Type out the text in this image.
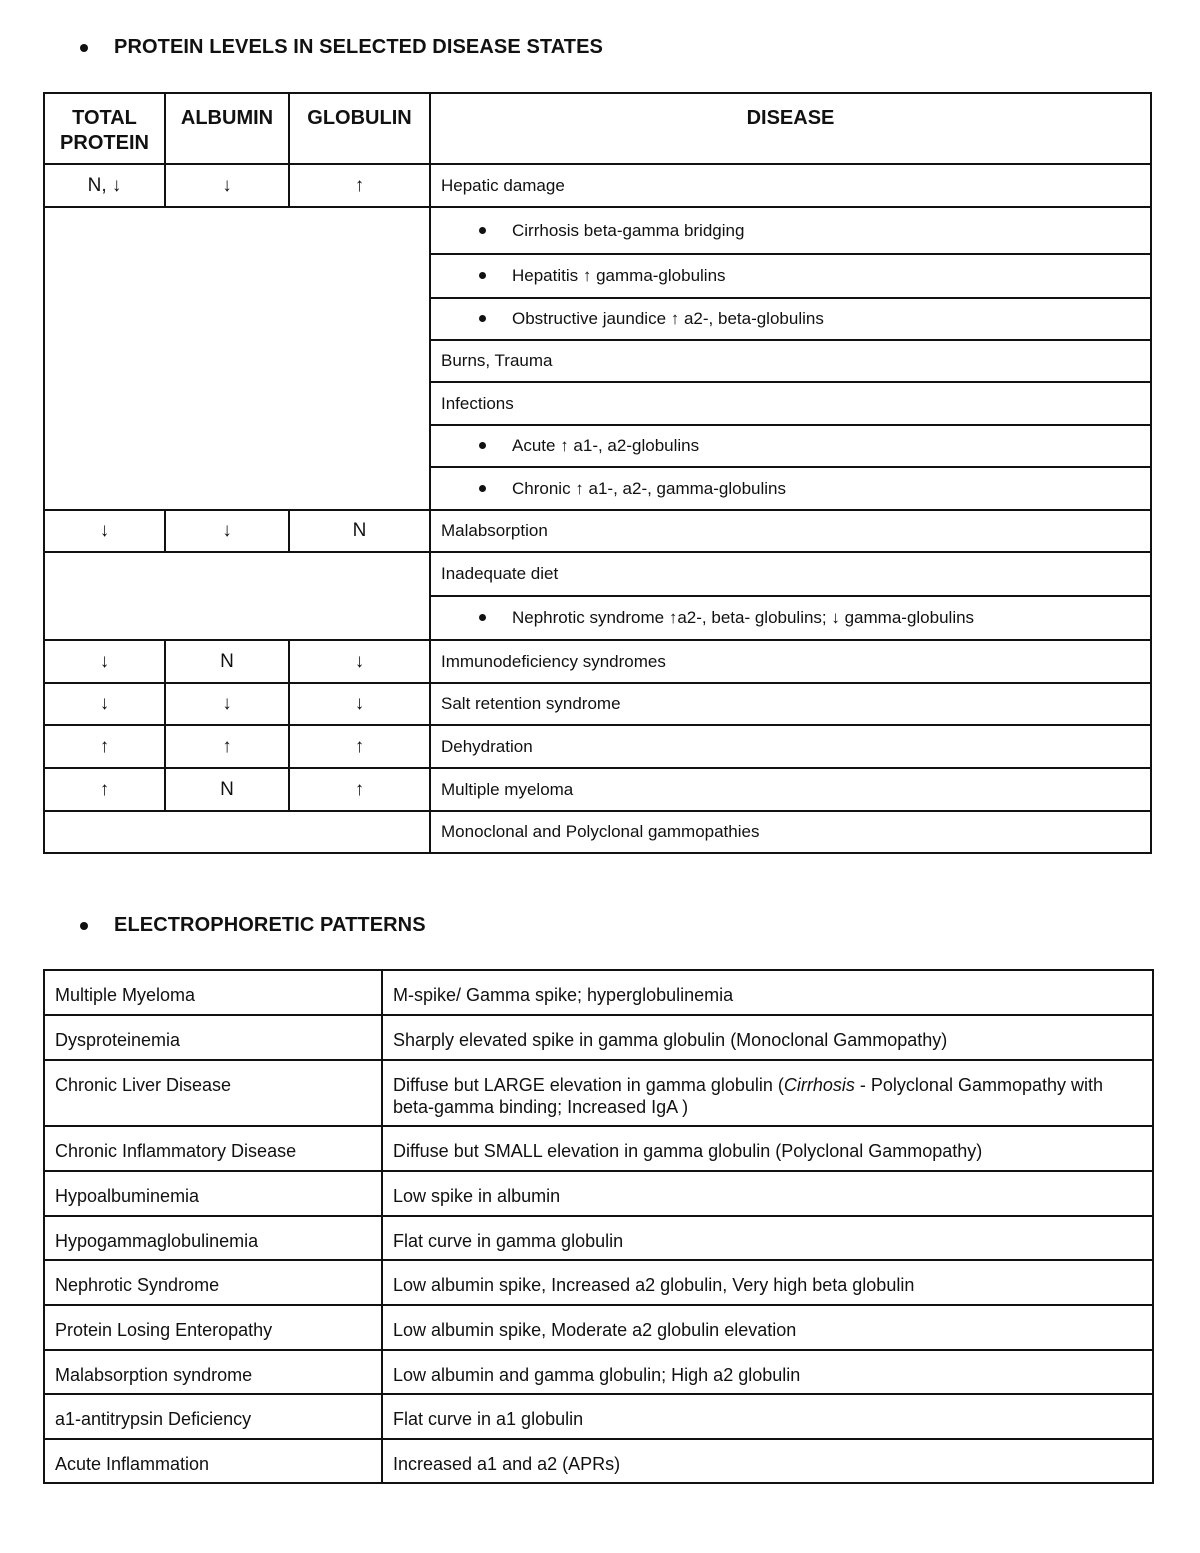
PROTEIN LEVELS IN SELECTED DISEASE STATES
TOTAL PROTEIN	ALBUMIN	GLOBULIN	DISEASE
N, ↓	↓	↑	Hepatic damage
			Cirrhosis beta-gamma bridging
			Hepatitis ↑ gamma-globulins
			Obstructive jaundice ↑ a2-, beta-globulins
			Burns, Trauma
			Infections
			Acute ↑ a1-, a2-globulins
			Chronic ↑ a1-, a2-, gamma-globulins
↓	↓	N	Malabsorption
			Inadequate diet
			Nephrotic syndrome ↑a2-, beta- globulins; ↓ gamma-globulins
↓	N	↓	Immunodeficiency syndromes
↓	↓	↓	Salt retention syndrome
↑	↑	↑	Dehydration
↑	N	↑	Multiple myeloma
			Monoclonal and Polyclonal gammopathies
ELECTROPHORETIC PATTERNS
Multiple Myeloma	M-spike/ Gamma spike; hyperglobulinemia
Dysproteinemia	Sharply elevated spike in gamma globulin (Monoclonal Gammopathy)
Chronic Liver Disease	Diffuse but LARGE elevation in gamma globulin (Cirrhosis - Polyclonal Gammopathy with beta-gamma binding; Increased IgA )
Chronic Inflammatory Disease	Diffuse but SMALL elevation in gamma globulin (Polyclonal Gammopathy)
Hypoalbuminemia	Low spike in albumin
Hypogammaglobulinemia	Flat curve in gamma globulin
Nephrotic Syndrome	Low albumin spike, Increased a2 globulin, Very high beta globulin
Protein Losing Enteropathy	Low albumin spike, Moderate a2 globulin elevation
Malabsorption syndrome	Low albumin and gamma globulin; High a2 globulin
a1-antitrypsin Deficiency	Flat curve in a1 globulin
Acute Inflammation	Increased a1 and a2 (APRs)
